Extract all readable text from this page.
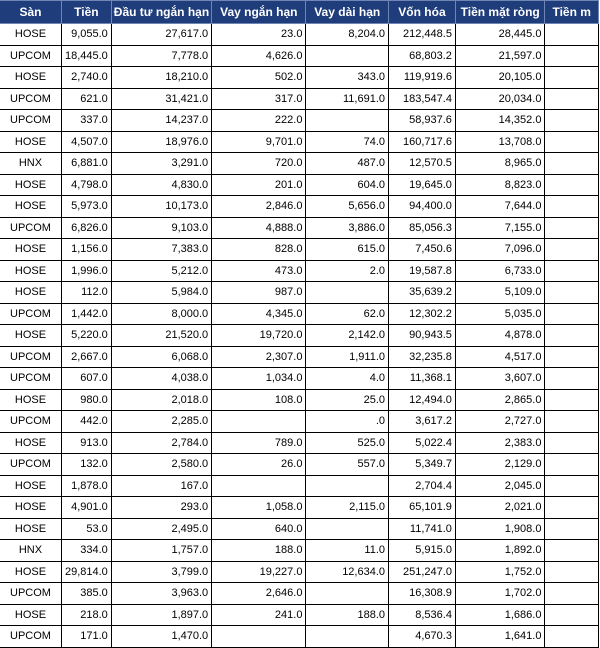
Sàn	Tiền	Đầu tư ngắn hạn	Vay ngắn hạn	Vay dài hạn	Vốn hóa	Tiền mặt ròng	Tiền m
HOSE	9,055.0	27,617.0	23.0	8,204.0	212,448.5	28,445.0	
UPCOM	18,445.0	7,778.0	4,626.0		68,803.2	21,597.0	
HOSE	2,740.0	18,210.0	502.0	343.0	119,919.6	20,105.0	
UPCOM	621.0	31,421.0	317.0	11,691.0	183,547.4	20,034.0	
UPCOM	337.0	14,237.0	222.0		58,937.6	14,352.0	
HOSE	4,507.0	18,976.0	9,701.0	74.0	160,717.6	13,708.0	
HNX	6,881.0	3,291.0	720.0	487.0	12,570.5	8,965.0	
HOSE	4,798.0	4,830.0	201.0	604.0	19,645.0	8,823.0	
HOSE	5,973.0	10,173.0	2,846.0	5,656.0	94,400.0	7,644.0	
UPCOM	6,826.0	9,103.0	4,888.0	3,886.0	85,056.3	7,155.0	
HOSE	1,156.0	7,383.0	828.0	615.0	7,450.6	7,096.0	
HOSE	1,996.0	5,212.0	473.0	2.0	19,587.8	6,733.0	
HOSE	112.0	5,984.0	987.0		35,639.2	5,109.0	
UPCOM	1,442.0	8,000.0	4,345.0	62.0	12,302.2	5,035.0	
HOSE	5,220.0	21,520.0	19,720.0	2,142.0	90,943.5	4,878.0	
UPCOM	2,667.0	6,068.0	2,307.0	1,911.0	32,235.8	4,517.0	
UPCOM	607.0	4,038.0	1,034.0	4.0	11,368.1	3,607.0	
HOSE	980.0	2,018.0	108.0	25.0	12,494.0	2,865.0	
UPCOM	442.0	2,285.0		.0	3,617.2	2,727.0	
HOSE	913.0	2,784.0	789.0	525.0	5,022.4	2,383.0	
UPCOM	132.0	2,580.0	26.0	557.0	5,349.7	2,129.0	
HOSE	1,878.0	167.0			2,704.4	2,045.0	
HOSE	4,901.0	293.0	1,058.0	2,115.0	65,101.9	2,021.0	
HOSE	53.0	2,495.0	640.0		11,741.0	1,908.0	
HNX	334.0	1,757.0	188.0	11.0	5,915.0	1,892.0	
HOSE	29,814.0	3,799.0	19,227.0	12,634.0	251,247.0	1,752.0	
UPCOM	385.0	3,963.0	2,646.0		16,308.9	1,702.0	
HOSE	218.0	1,897.0	241.0	188.0	8,536.4	1,686.0	
UPCOM	171.0	1,470.0			4,670.3	1,641.0	
